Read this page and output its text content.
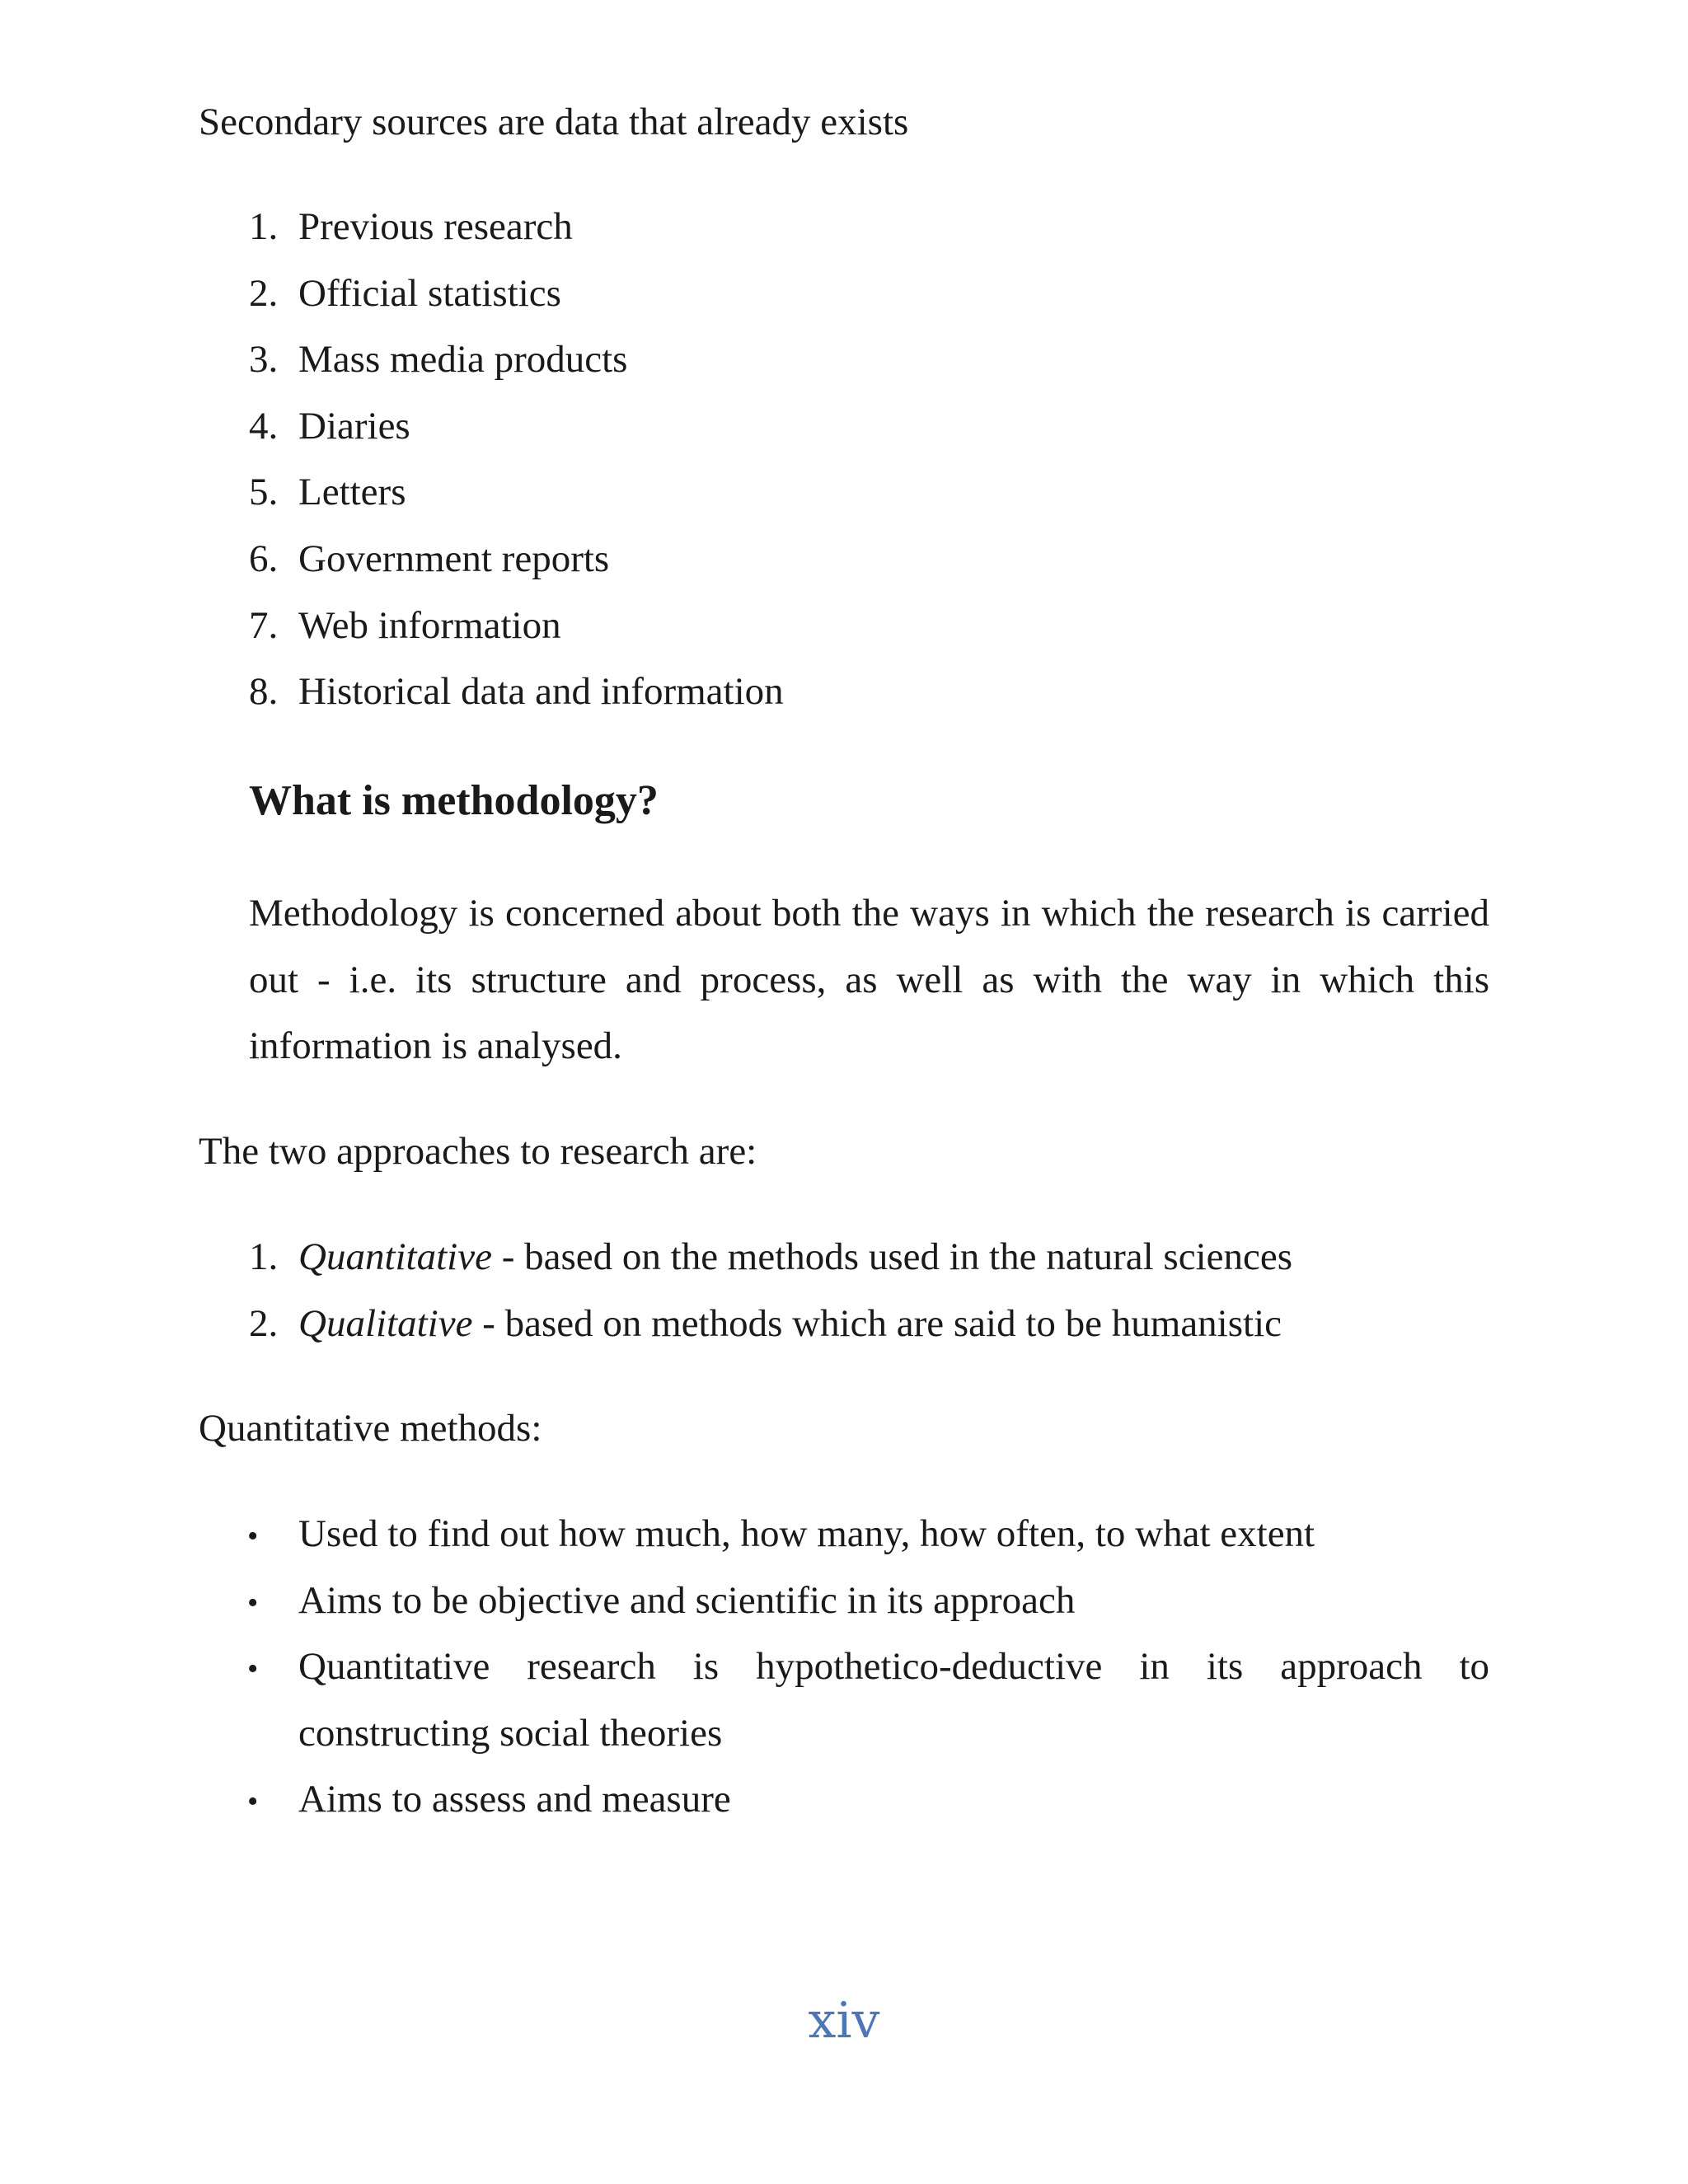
Secondary sources are data that already exists
1. Previous research
2. Official statistics
3. Mass media products
4. Diaries
5. Letters
6. Government reports
7. Web information
8. Historical data and information
What is methodology?
Methodology is concerned about both the ways in which the research is carried
out - i.e. its structure and process, as well as with the way in which this
information is analysed.
The two approaches to research are:
1. Quantitative - based on the methods used in the natural sciences
2. Qualitative - based on methods which are said to be humanistic
Quantitative methods:
• Used to find out how much, how many, how often, to what extent
• Aims to be objective and scientific in its approach
• Quantitative research is hypothetico-deductive in its approach to
constructing social theories
• Aims to assess and measure
xiv
